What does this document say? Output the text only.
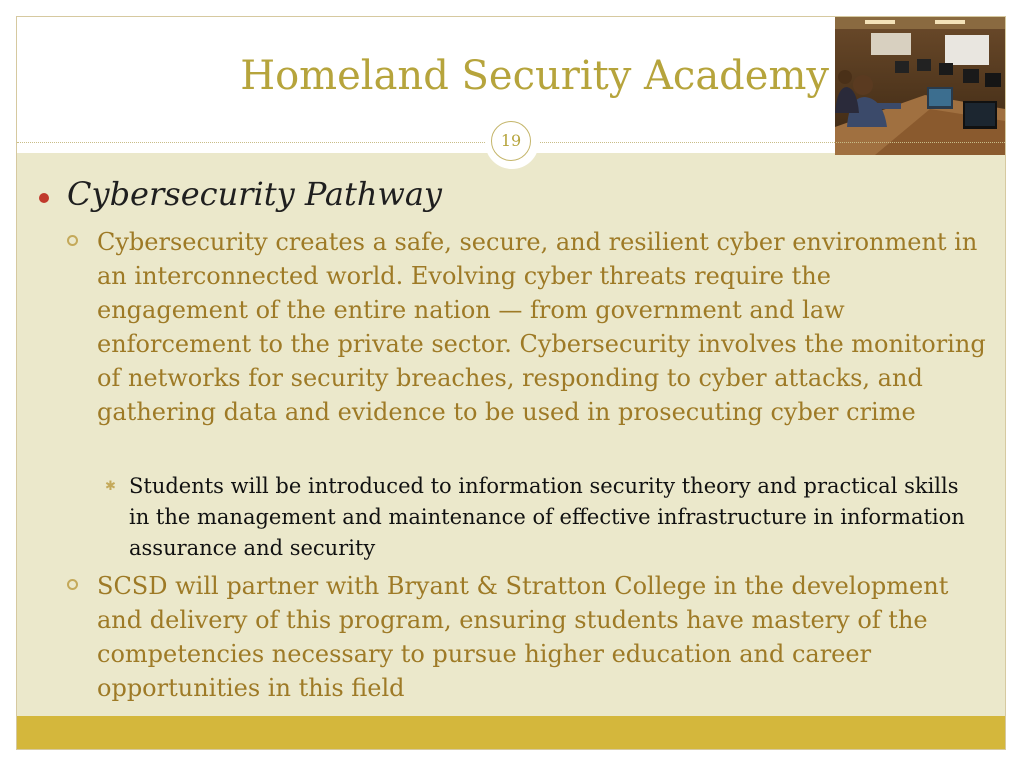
Homeland Security Academy
19
Cybersecurity Pathway
Cybersecurity creates a safe, secure, and resilient cyber environment in an interconnected world. Evolving cyber threats require the engagement of the entire nation — from government and law enforcement to the private sector. Cybersecurity involves the monitoring of networks for security breaches, responding to cyber attacks, and gathering data and evidence to be used in prosecuting cyber crime
✱ Students will be introduced to information security theory and practical skills in the management and maintenance of effective infrastructure in information assurance and security
SCSD will partner with Bryant & Stratton College in the development and delivery of this program, ensuring students have mastery of the competencies necessary to pursue higher education and career opportunities in this field
